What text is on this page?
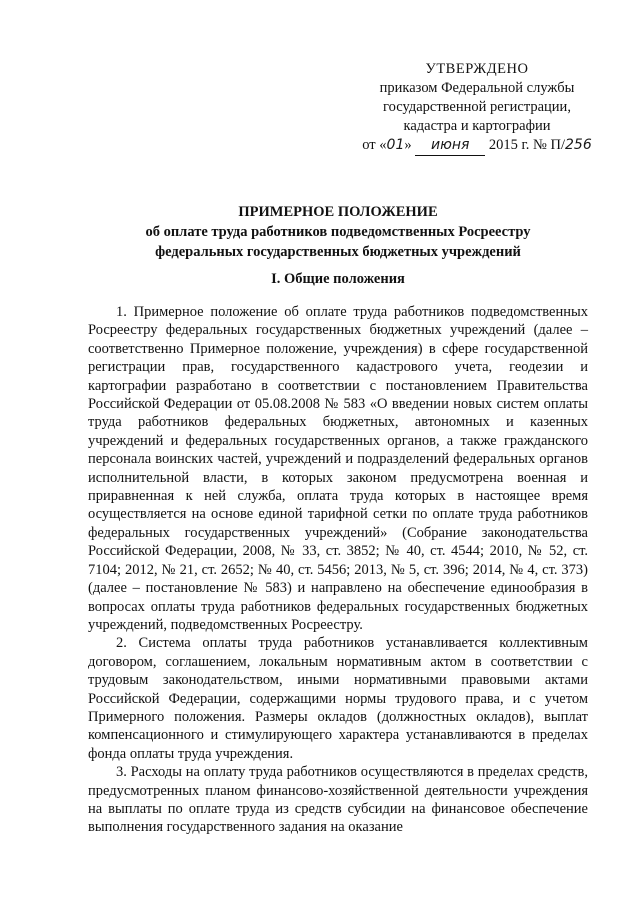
УТВЕРЖДЕНО
приказом Федеральной службы
государственной регистрации,
кадастра и картографии
от «01» июня 2015 г. № П/256
ПРИМЕРНОЕ ПОЛОЖЕНИЕ
об оплате труда работников подведомственных Росреестру
федеральных государственных бюджетных учреждений
I. Общие положения

1. Примерное положение об оплате труда работников подведомственных Росреестру федеральных государственных бюджетных учреждений (далее – соответственно Примерное положение, учреждения) в сфере государственной регистрации прав, государственного кадастрового учета, геодезии и картографии разработано в соответствии с постановлением Правительства Российской Федерации от 05.08.2008 № 583 «О введении новых систем оплаты труда работников федеральных бюджетных, автономных и казенных учреждений и федеральных государственных органов, а также гражданского персонала воинских частей, учреждений и подразделений федеральных органов исполнительной власти, в которых законом предусмотрена военная и приравненная к ней служба, оплата труда которых в настоящее время осуществляется на основе единой тарифной сетки по оплате труда работников федеральных государственных учреждений» (Собрание законодательства Российской Федерации, 2008, № 33, ст. 3852; № 40, ст. 4544; 2010, № 52, ст. 7104; 2012, № 21, ст. 2652; № 40, ст. 5456; 2013, № 5, ст. 396; 2014, № 4, ст. 373) (далее – постановление № 583) и направлено на обеспечение единообразия в вопросах оплаты труда работников федеральных государственных бюджетных учреждений, подведомственных Росреестру.

2. Система оплаты труда работников устанавливается коллективным договором, соглашением, локальным нормативным актом в соответствии с трудовым законодательством, иными нормативными правовыми актами Российской Федерации, содержащими нормы трудового права, и с учетом Примерного положения. Размеры окладов (должностных окладов), выплат компенсационного и стимулирующего характера устанавливаются в пределах фонда оплаты труда учреждения.

3. Расходы на оплату труда работников осуществляются в пределах средств, предусмотренных планом финансово-хозяйственной деятельности учреждения на выплаты по оплате труда из средств субсидии на финансовое обеспечение выполнения государственного задания на оказание
